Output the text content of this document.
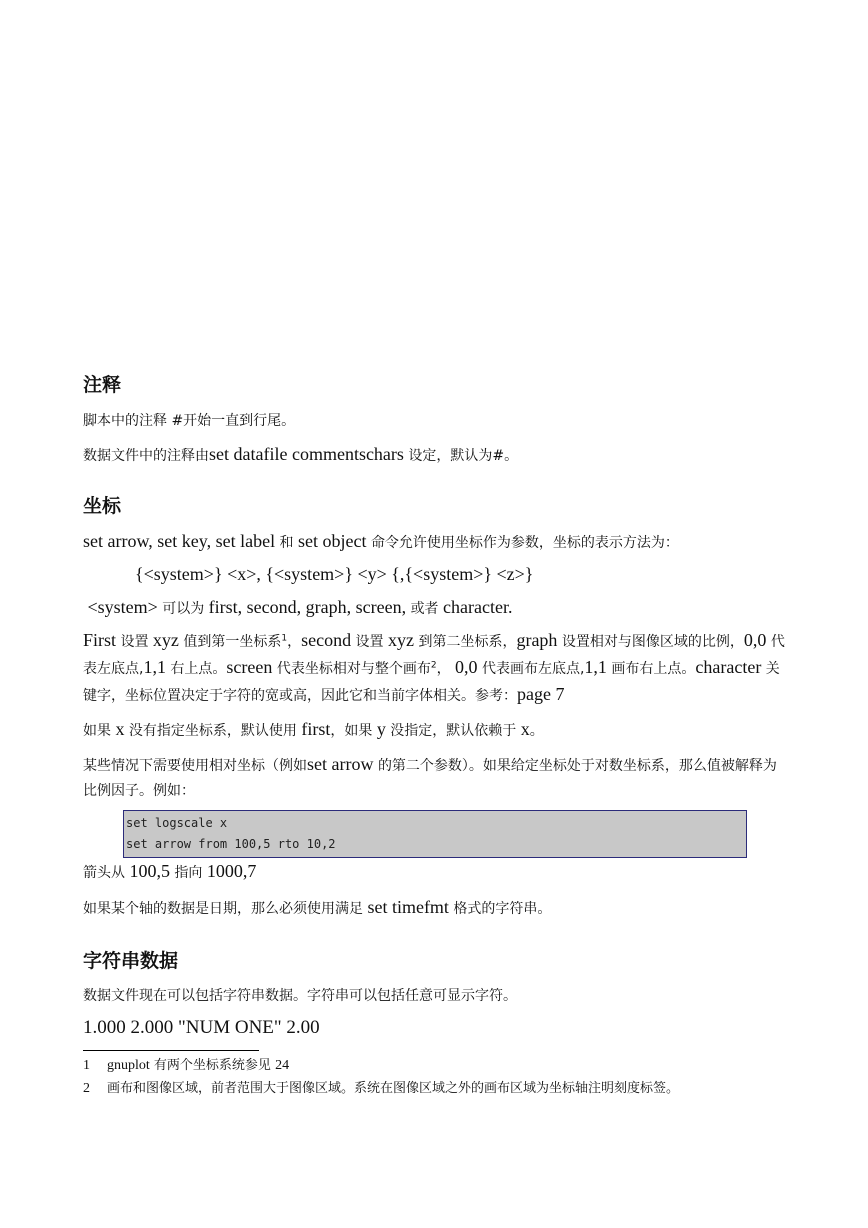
注释

脚本中的注释 #开始一直到行尾。

数据文件中的注释由set datafile commentschars 设定，默认为#。

坐标

set arrow, set key, set label 和 set object 命令允许使用坐标作为参数，坐标的表示方法为：

{<system>} <x>, {<system>} <y> {,{<system>} <z>}

<system> 可以为 first, second, graph, screen, 或者 character.

First 设置 xyz 值到第一坐标系$^1$，second 设置 xyz 到第二坐标系，graph 设置相对与图像区域的比例，0,0 代表左底点,1,1 右上点。screen 代表坐标相对与整个画布$^2$， 0,0 代表画布左底点,1,1 画布右上点。character 关键字，坐标位置决定于字符的宽或高，因此它和当前字体相关。参考：page 7

如果 x 没有指定坐标系，默认使用 first，如果 y 没指定，默认依赖于 x。

某些情况下需要使用相对坐标（例如set arrow 的第二个参数）。如果给定坐标处于对数坐标系，那么值被解释为比例因子。例如：

set logscale x
set arrow from 100,5 rto 10,2

箭头从 100,5 指向 1000,7

如果某个轴的数据是日期，那么必须使用满足 set timefmt 格式的字符串。

字符串数据

数据文件现在可以包括字符串数据。字符串可以包括任意可显示字符。

1.000 2.000 "NUM ONE" 2.00

1	gnuplot 有两个坐标系统参见 24
2	画布和图像区域，前者范围大于图像区域。系统在图像区域之外的画布区域为坐标轴注明刻度标签。
